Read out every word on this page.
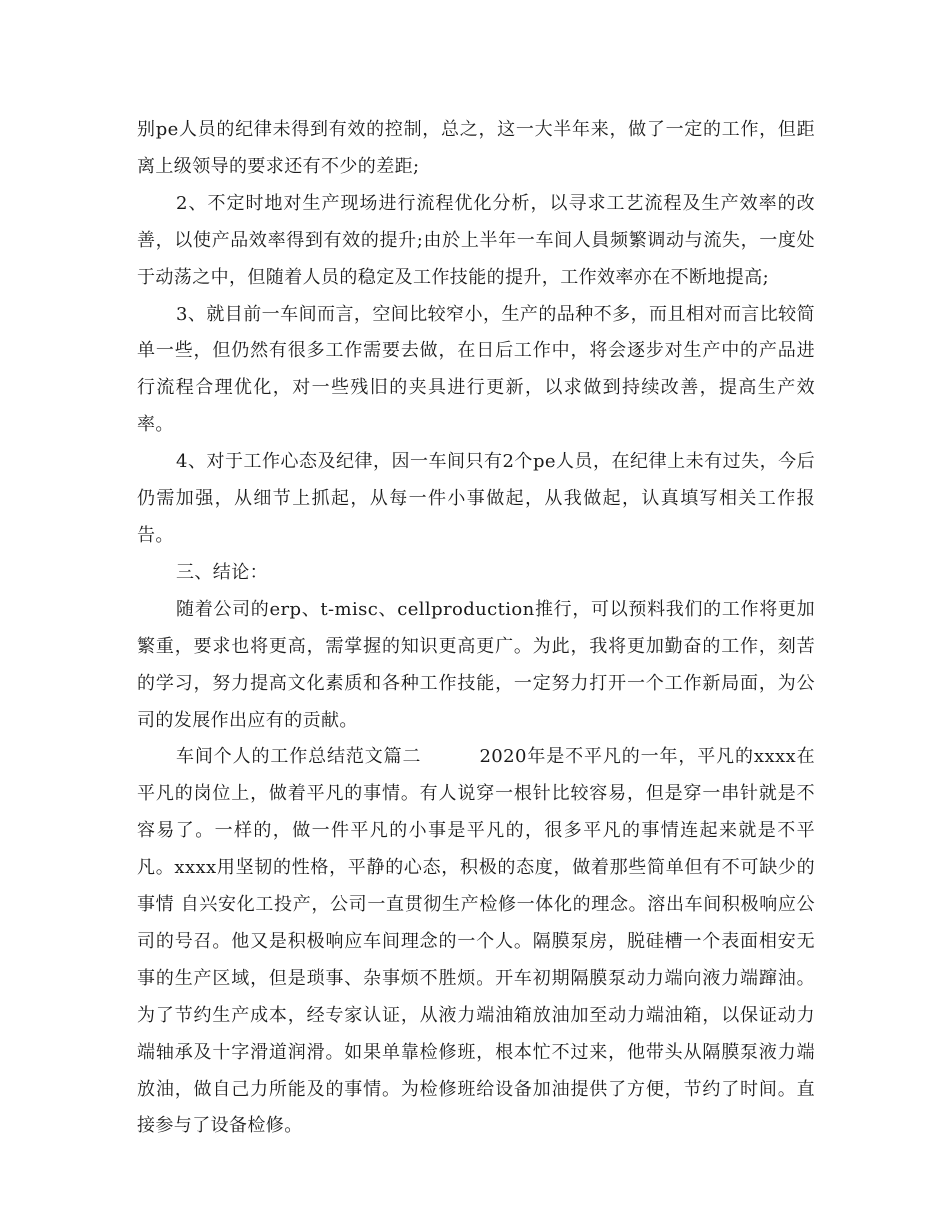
别pe人员的纪律未得到有效的控制，总之，这一大半年来，做了一定的工作，但距离上级领导的要求还有不少的差距;

2、不定时地对生产现场进行流程优化分析，以寻求工艺流程及生产效率的改善，以使产品效率得到有效的提升;由於上半年一车间人員频繁调动与流失，一度处于动荡之中，但随着人员的稳定及工作技能的提升，工作效率亦在不断地提高;

3、就目前一车间而言，空间比较窄小，生产的品种不多，而且相对而言比较简单一些，但仍然有很多工作需要去做，在日后工作中，将会逐步对生产中的产品进行流程合理优化，对一些残旧的夹具进行更新，以求做到持续改善，提高生产效率。

4、对于工作心态及纪律，因一车间只有2个pe人员，在纪律上未有过失，今后仍需加强，从细节上抓起，从每一件小事做起，从我做起，认真填写相关工作报告。

三、结论：

随着公司的erp、t-misc、cellproduction推行，可以预料我们的工作将更加繁重，要求也将更高，需掌握的知识更高更广。为此，我将更加勤奋的工作，刻苦的学习，努力提高文化素质和各种工作技能，一定努力打开一个工作新局面，为公司的发展作出应有的贡献。

车间个人的工作总结范文篇二	2020年是不平凡的一年，平凡的xxxx在平凡的岗位上，做着平凡的事情。有人说穿一根针比较容易，但是穿一串针就是不容易了。一样的，做一件平凡的小事是平凡的，很多平凡的事情连起来就是不平凡。xxxx用坚韧的性格，平静的心态，积极的态度，做着那些简单但有不可缺少的事情 自兴安化工投产，公司一直贯彻生产检修一体化的理念。溶出车间积极响应公司的号召。他又是积极响应车间理念的一个人。隔膜泵房，脱硅槽一个表面相安无事的生产区域，但是琐事、杂事烦不胜烦。开车初期隔膜泵动力端向液力端蹿油。为了节约生产成本，经专家认证，从液力端油箱放油加至动力端油箱，以保证动力端轴承及十字滑道润滑。如果单靠检修班，根本忙不过来，他带头从隔膜泵液力端放油，做自己力所能及的事情。为检修班给设备加油提供了方便，节约了时间。直接参与了设备检修。
